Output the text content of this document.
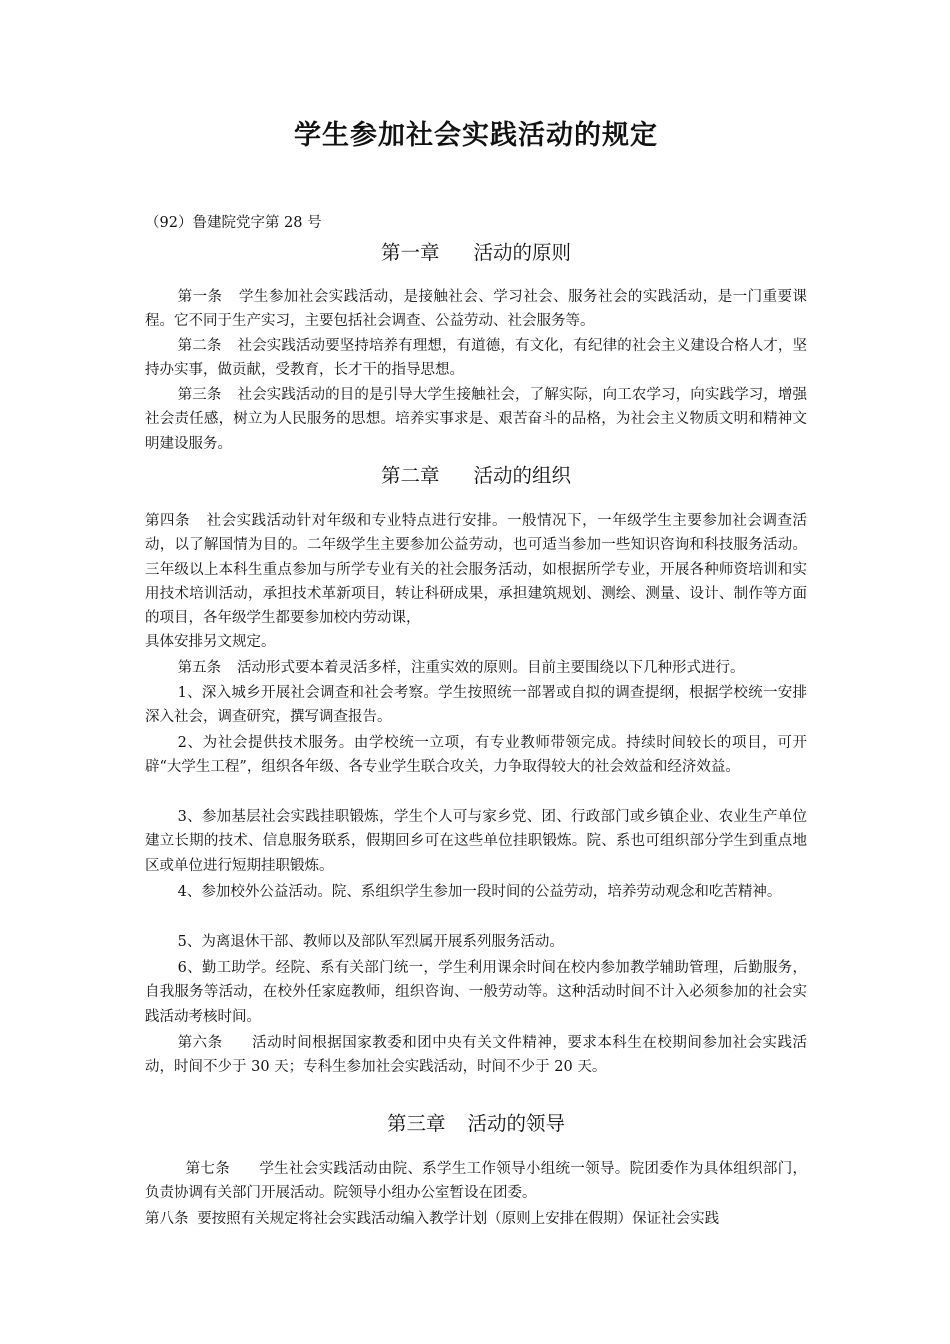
学生参加社会实践活动的规定

（92）鲁建院党字第 28 号

第一章 活动的原则

第一条 学生参加社会实践活动，是接触社会、学习社会、服务社会的实践活动，是一门重要课程。它不同于生产实习，主要包括社会调查、公益劳动、社会服务等。

第二条 社会实践活动要坚持培养有理想，有道德，有文化，有纪律的社会主义建设合格人才，坚持办实事，做贡献，受教育，长才干的指导思想。

第三条 社会实践活动的目的是引导大学生接触社会，了解实际，向工农学习，向实践学习，增强社会责任感，树立为人民服务的思想。培养实事求是、艰苦奋斗的品格，为社会主义物质文明和精神文明建设服务。

第二章 活动的组织

第四条 社会实践活动针对年级和专业特点进行安排。一般情况下，一年级学生主要参加社会调查活动，以了解国情为目的。二年级学生主要参加公益劳动，也可适当参加一些知识咨询和科技服务活动。三年级以上本科生重点参加与所学专业有关的社会服务活动，如根据所学专业，开展各种师资培训和实用技术培训活动，承担技术革新项目，转让科研成果，承担建筑规划、测绘、测量、设计、制作等方面的项目，各年级学生都要参加校内劳动课，
具体安排另文规定。

第五条 活动形式要本着灵活多样，注重实效的原则。目前主要围绕以下几种形式进行。

1、深入城乡开展社会调查和社会考察。学生按照统一部署或自拟的调查提纲，根据学校统一安排深入社会，调查研究，撰写调查报告。

2、为社会提供技术服务。由学校统一立项，有专业教师带领完成。持续时间较长的项目，可开辟“大学生工程”，组织各年级、各专业学生联合攻关，力争取得较大的社会效益和经济效益。

3、参加基层社会实践挂职锻炼，学生个人可与家乡党、团、行政部门或乡镇企业、农业生产单位建立长期的技术、信息服务联系，假期回乡可在这些单位挂职锻炼。院、系也可组织部分学生到重点地区或单位进行短期挂职锻炼。

4、参加校外公益活动。院、系组织学生参加一段时间的公益劳动，培养劳动观念和吃苦精神。

5、为离退休干部、教师以及部队军烈属开展系列服务活动。

6、勤工助学。经院、系有关部门统一，学生利用课余时间在校内参加教学辅助管理，后勤服务，自我服务等活动，在校外任家庭教师，组织咨询、一般劳动等。这种活动时间不计入必须参加的社会实践活动考核时间。

第六条 活动时间根据国家教委和团中央有关文件精神，要求本科生在校期间参加社会实践活动，时间不少于 30 天；专科生参加社会实践活动，时间不少于 20 天。

第三章 活动的领导

第七条 学生社会实践活动由院、系学生工作领导小组统一领导。院团委作为具体组织部门，负责协调有关部门开展活动。院领导小组办公室暂设在团委。

第八条 要按照有关规定将社会实践活动编入教学计划（原则上安排在假期）保证社会实践
